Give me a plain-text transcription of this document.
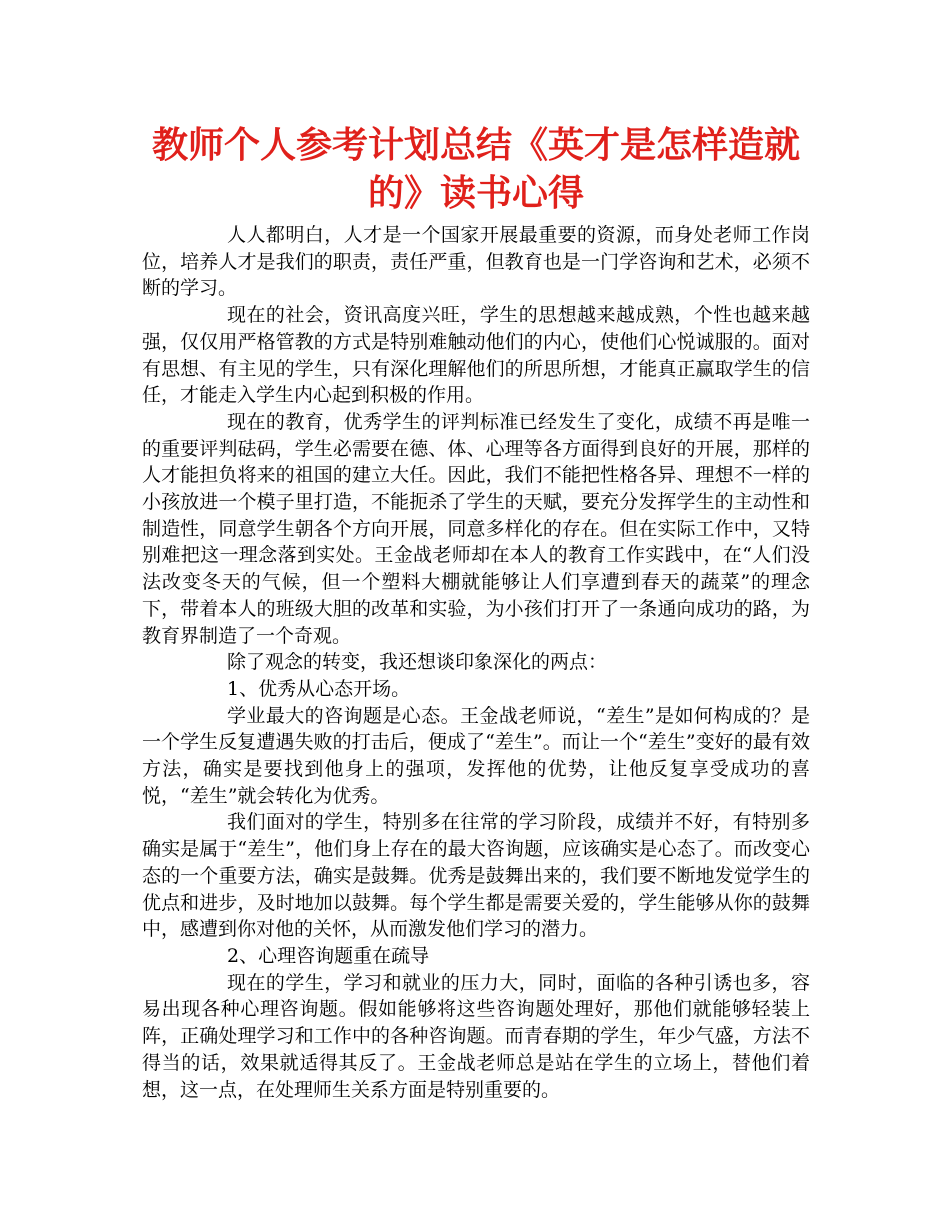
教师个人参考计划总结《英才是怎样造就的》读书心得

人人都明白，人才是一个国家开展最重要的资源，而身处老师工作岗位，培养人才是我们的职责，责任严重，但教育也是一门学咨询和艺术，必须不断的学习。

现在的社会，资讯高度兴旺，学生的思想越来越成熟，个性也越来越强，仅仅用严格管教的方式是特别难触动他们的内心，使他们心悦诚服的。面对有思想、有主见的学生，只有深化理解他们的所思所想，才能真正赢取学生的信任，才能走入学生内心起到积极的作用。

现在的教育，优秀学生的评判标准已经发生了变化，成绩不再是唯一的重要评判砝码，学生必需要在德、体、心理等各方面得到良好的开展，那样的人才能担负将来的祖国的建立大任。因此，我们不能把性格各异、理想不一样的小孩放进一个模子里打造，不能扼杀了学生的天赋，要充分发挥学生的主动性和制造性，同意学生朝各个方向开展，同意多样化的存在。但在实际工作中，又特别难把这一理念落到实处。王金战老师却在本人的教育工作实践中，在“人们没法改变冬天的气候，但一个塑料大棚就能够让人们享遭到春天的蔬菜”的理念下，带着本人的班级大胆的改革和实验，为小孩们打开了一条通向成功的路，为教育界制造了一个奇观。

除了观念的转变，我还想谈印象深化的两点：

1、优秀从心态开场。

学业最大的咨询题是心态。王金战老师说，“差生”是如何构成的？是一个学生反复遭遇失败的打击后，便成了“差生”。而让一个“差生”变好的最有效方法，确实是要找到他身上的强项，发挥他的优势，让他反复享受成功的喜悦，“差生”就会转化为优秀。

我们面对的学生，特别多在往常的学习阶段，成绩并不好，有特别多确实是属于“差生”，他们身上存在的最大咨询题，应该确实是心态了。而改变心态的一个重要方法，确实是鼓舞。优秀是鼓舞出来的，我们要不断地发觉学生的优点和进步，及时地加以鼓舞。每个学生都是需要关爱的，学生能够从你的鼓舞中，感遭到你对他的关怀，从而激发他们学习的潜力。

2、心理咨询题重在疏导

现在的学生，学习和就业的压力大，同时，面临的各种引诱也多，容易出现各种心理咨询题。假如能够将这些咨询题处理好，那他们就能够轻装上阵，正确处理学习和工作中的各种咨询题。而青春期的学生，年少气盛，方法不得当的话，效果就适得其反了。王金战老师总是站在学生的立场上，替他们着想，这一点，在处理师生关系方面是特别重要的。
